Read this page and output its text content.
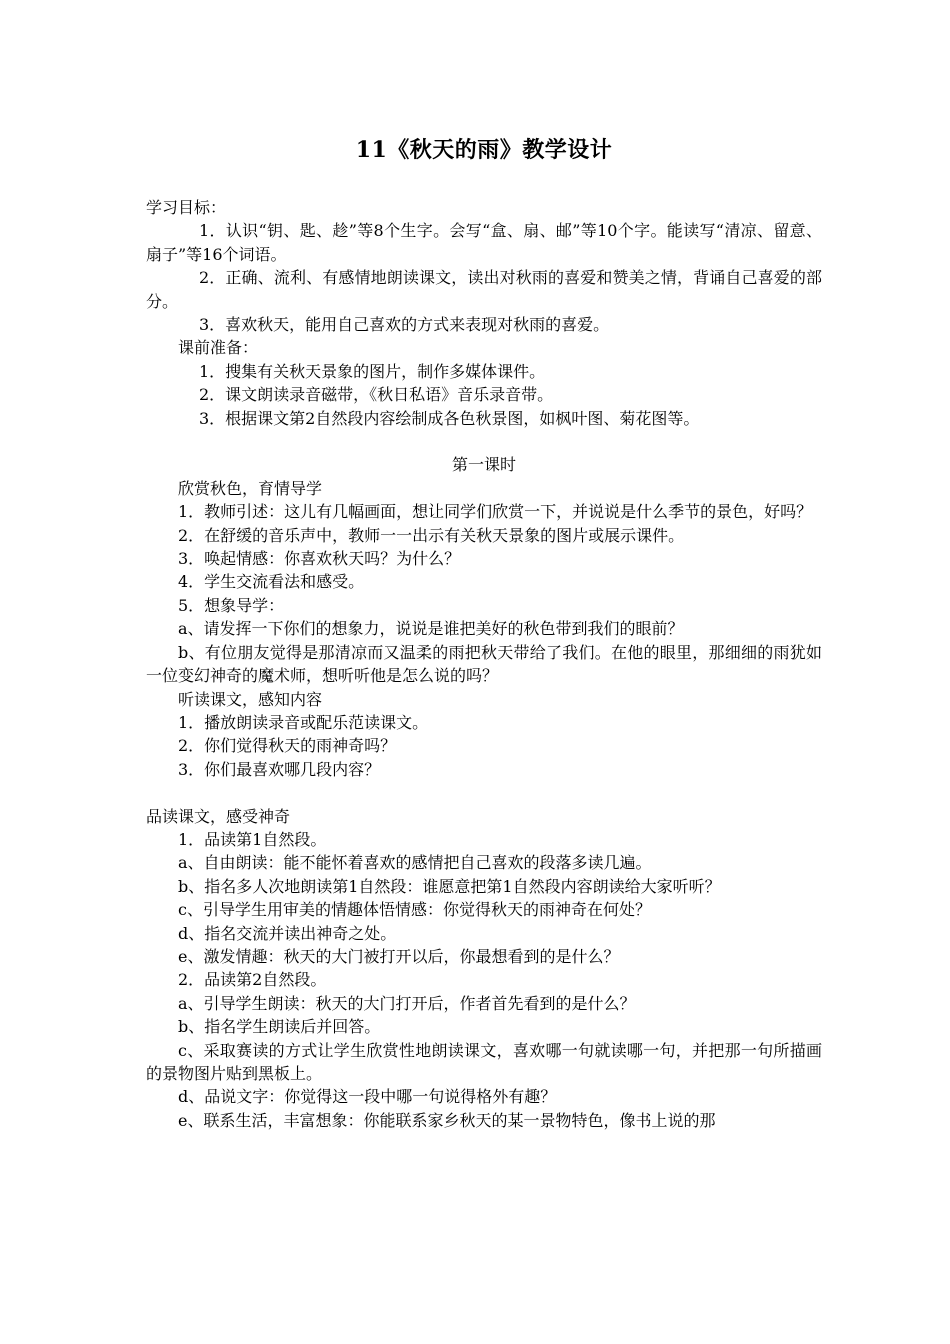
11《秋天的雨》教学设计

学习目标：

1．认识“钥、匙、趁”等8个生字。会写“盒、扇、邮”等10个字。能读写“清凉、留意、扇子”等16个词语。

2．正确、流利、有感情地朗读课文，读出对秋雨的喜爱和赞美之情，背诵自己喜爱的部分。

3．喜欢秋天，能用自己喜欢的方式来表现对秋雨的喜爱。

课前准备：

1．搜集有关秋天景象的图片，制作多媒体课件。

2．课文朗读录音磁带，《秋日私语》音乐录音带。

3．根据课文第2自然段内容绘制成各色秋景图，如枫叶图、菊花图等。

第一课时

欣赏秋色，育情导学

1．教师引述：这儿有几幅画面，想让同学们欣赏一下，并说说是什么季节的景色，好吗？

2．在舒缓的音乐声中，教师一一出示有关秋天景象的图片或展示课件。

3．唤起情感：你喜欢秋天吗？为什么？

4．学生交流看法和感受。

5．想象导学：

a、请发挥一下你们的想象力，说说是谁把美好的秋色带到我们的眼前？

b、有位朋友觉得是那清凉而又温柔的雨把秋天带给了我们。在他的眼里，那细细的雨犹如一位变幻神奇的魔术师，想听听他是怎么说的吗？

听读课文，感知内容

1．播放朗读录音或配乐范读课文。

2．你们觉得秋天的雨神奇吗？

3．你们最喜欢哪几段内容？

品读课文，感受神奇

1．品读第1自然段。

a、自由朗读：能不能怀着喜欢的感情把自己喜欢的段落多读几遍。

b、指名多人次地朗读第1自然段：谁愿意把第1自然段内容朗读给大家听听？

c、引导学生用审美的情趣体悟情感：你觉得秋天的雨神奇在何处？

d、指名交流并读出神奇之处。

e、激发情趣：秋天的大门被打开以后，你最想看到的是什么？

2．品读第2自然段。

a、引导学生朗读：秋天的大门打开后，作者首先看到的是什么？

b、指名学生朗读后并回答。

c、采取赛读的方式让学生欣赏性地朗读课文，喜欢哪一句就读哪一句，并把那一句所描画的景物图片贴到黑板上。

d、品说文字：你觉得这一段中哪一句说得格外有趣？

e、联系生活，丰富想象：你能联系家乡秋天的某一景物特色，像书上说的那
